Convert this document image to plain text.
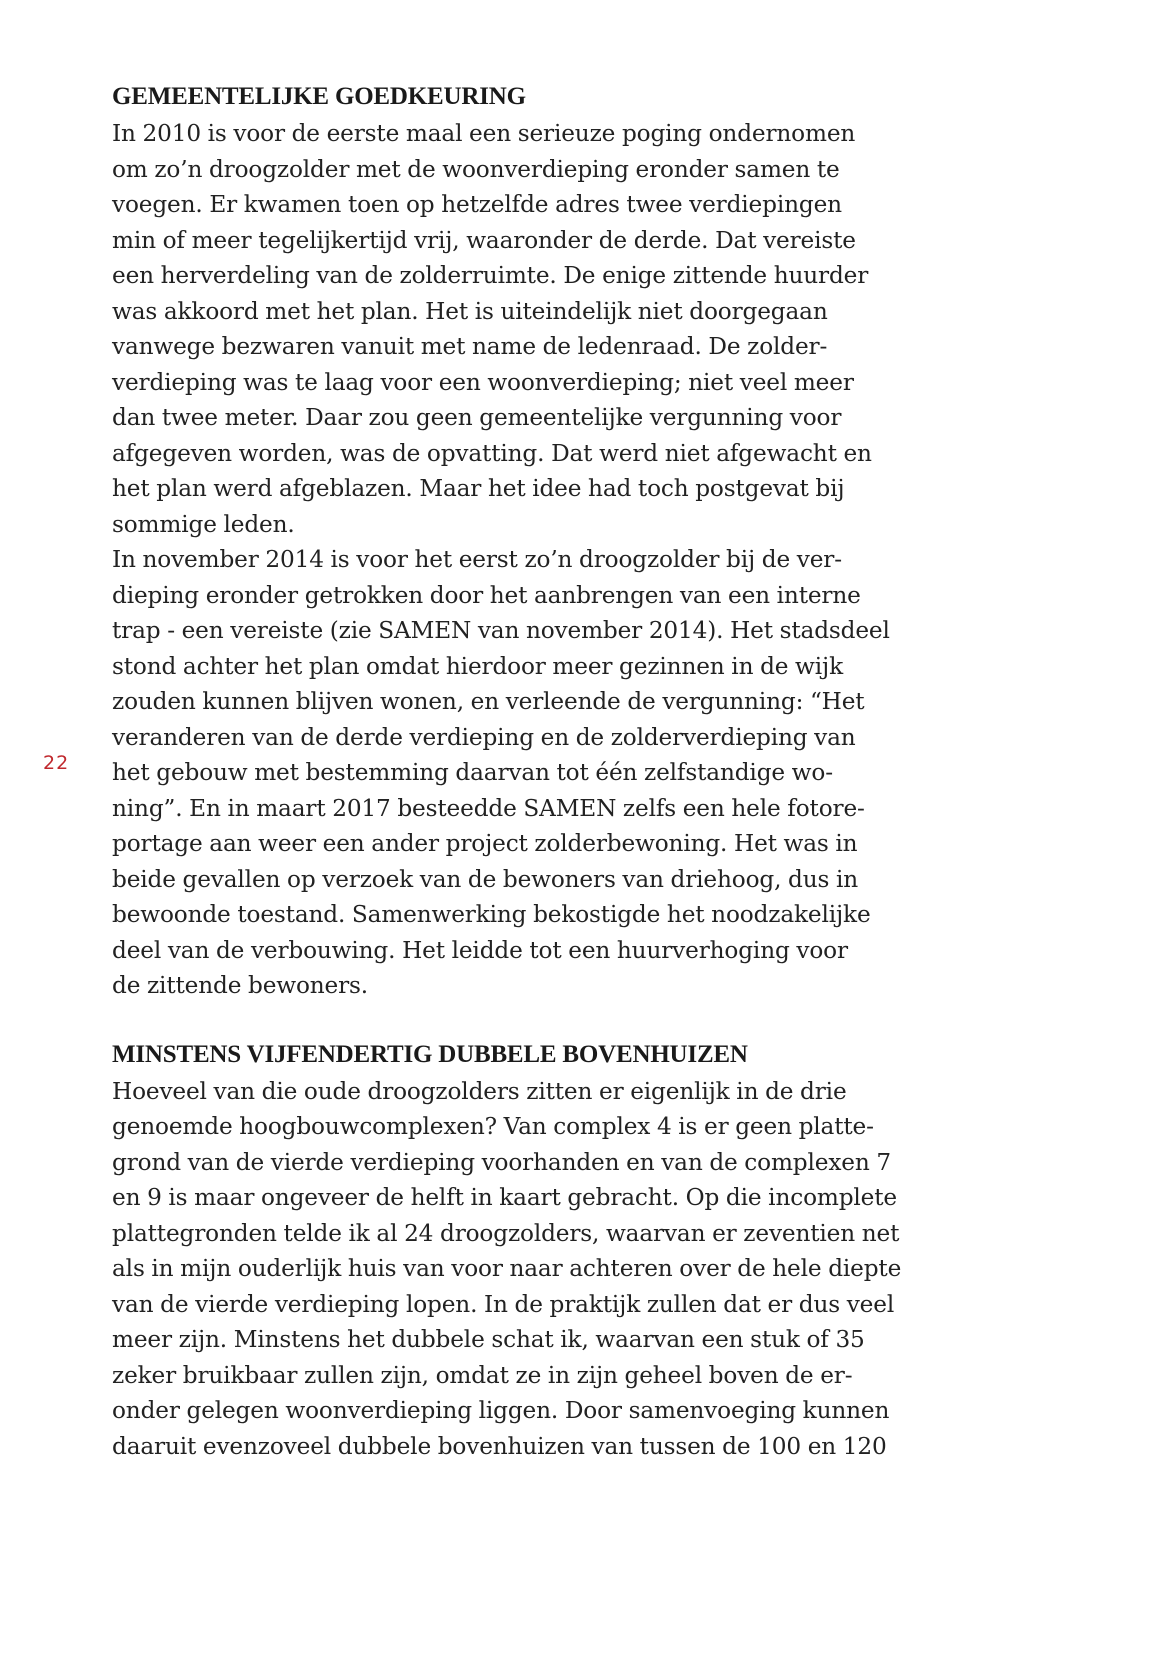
22
GEMEENTELIJKE GOEDKEURING
In 2010 is voor de eerste maal een serieuze poging ondernomen
om zo’n droogzolder met de woonverdieping eronder samen te
voegen. Er kwamen toen op hetzelfde adres twee verdiepingen
min of meer tegelijkertijd vrij, waaronder de derde. Dat vereiste
een herverdeling van de zolderruimte. De enige zittende huurder
was akkoord met het plan. Het is uiteindelijk niet doorgegaan
vanwege bezwaren vanuit met name de ledenraad. De zolder-
verdieping was te laag voor een woonverdieping; niet veel meer
dan twee meter. Daar zou geen gemeentelijke vergunning voor
afgegeven worden, was de opvatting. Dat werd niet afgewacht en
het plan werd afgeblazen. Maar het idee had toch postgevat bij
sommige leden.
In november 2014 is voor het eerst zo’n droogzolder bij de ver-
dieping eronder getrokken door het aanbrengen van een interne
trap - een vereiste (zie SAMEN van november 2014). Het stadsdeel
stond achter het plan omdat hierdoor meer gezinnen in de wijk
zouden kunnen blijven wonen, en verleende de vergunning: “Het
veranderen van de derde verdieping en de zolderverdieping van
het gebouw met bestemming daarvan tot één zelfstandige wo-
ning”. En in maart 2017 besteedde SAMEN zelfs een hele fotore-
portage aan weer een ander project zolderbewoning. Het was in
beide gevallen op verzoek van de bewoners van driehoog, dus in
bewoonde toestand. Samenwerking bekostigde het noodzakelijke
deel van de verbouwing. Het leidde tot een huurverhoging voor
de zittende bewoners.
MINSTENS VIJFENDERTIG DUBBELE BOVENHUIZEN
Hoeveel van die oude droogzolders zitten er eigenlijk in de drie
genoemde hoogbouwcomplexen? Van complex 4 is er geen platte-
grond van de vierde verdieping voorhanden en van de complexen 7
en 9 is maar ongeveer de helft in kaart gebracht. Op die incomplete
plattegronden telde ik al 24 droogzolders, waarvan er zeventien net
als in mijn ouderlijk huis van voor naar achteren over de hele diepte
van de vierde verdieping lopen. In de praktijk zullen dat er dus veel
meer zijn. Minstens het dubbele schat ik, waarvan een stuk of 35
zeker bruikbaar zullen zijn, omdat ze in zijn geheel boven de er-
onder gelegen woonverdieping liggen. Door samenvoeging kunnen
daaruit evenzoveel dubbele bovenhuizen van tussen de 100 en 120
